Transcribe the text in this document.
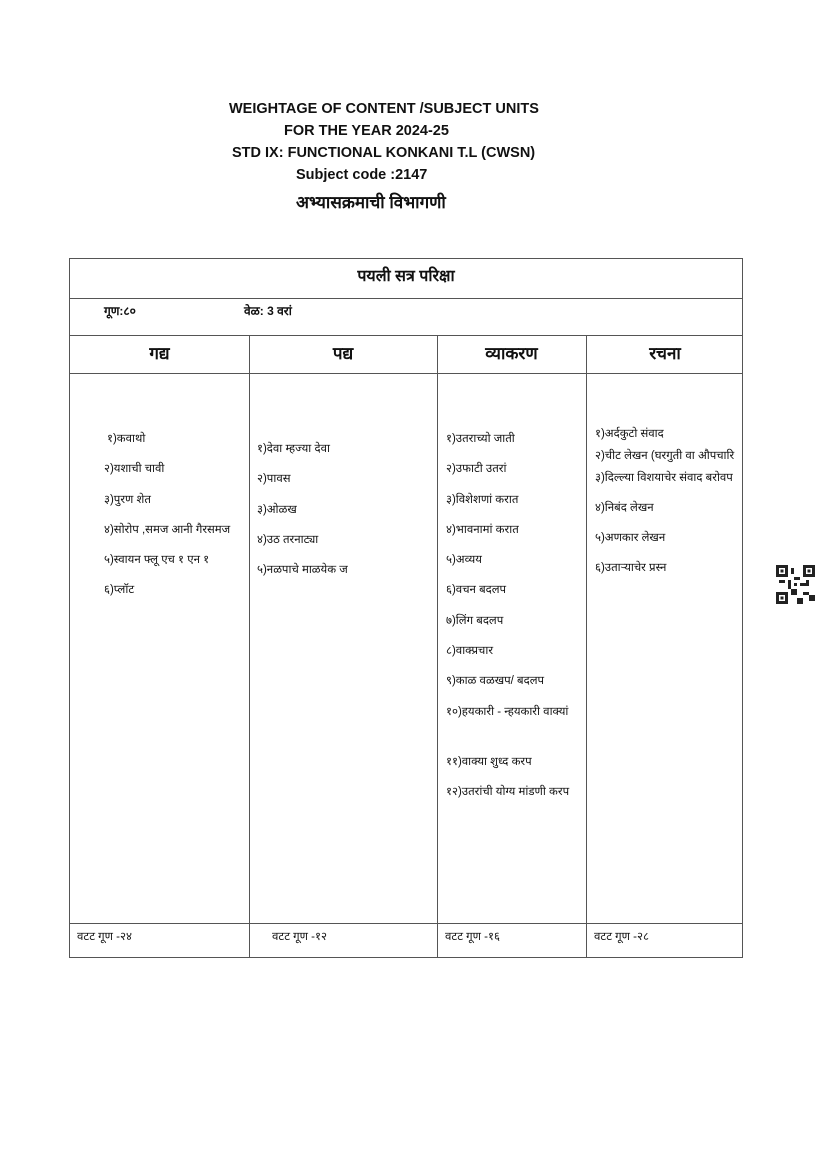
WEIGHTAGE OF CONTENT /SUBJECT UNITS
FOR THE YEAR 2024-25
STD IX: FUNCTIONAL KONKANI T.L (CWSN)
Subject code :2147
अभ्यासक्रमाची विभागणी
पयली सत्र परिक्षा
गूण:८०	वेळ: 3 वरां
गद्य	पद्य	व्याकरण	रचना
१)कवाथो
२)यशाची चावी
३)पुरण शेत
४)सोरोप ,समज आनी गैरसमज
५)स्वायन फ्लू एच १ एन १
६)प्लॉट
१)देवा म्हज्या देवा
२)पावस
३)ओळख
४)उठ तरनाट्या
५)नळपाचे माळयेक ज
१)उतराच्यो जाती
२)उफाटी उतरां
३)विशेशणां करात
४)भावनामां करात
५)अव्यय
६)वचन बदलप
७)लिंग बदलप
८)वाक्प्रचार
९)काळ वळखप/ बदलप
१०)हयकारी - न्हयकारी वाक्यां
११)वाक्या शुध्द करप
१२)उतरांची योग्य मांडणी करप
१)अर्दकुटो संवाद
२)चीट लेखन (घरगुती वा औपचारि
३)दिल्ल्या विशयाचेर संवाद बरोवप
४)निबंद लेखन
५)अणकार लेखन
६)उताऱ्याचेर प्रस्न
वटट गूण -२४	वटट गूण -१२	वटट गूण -१६	वटट गूण -२८
